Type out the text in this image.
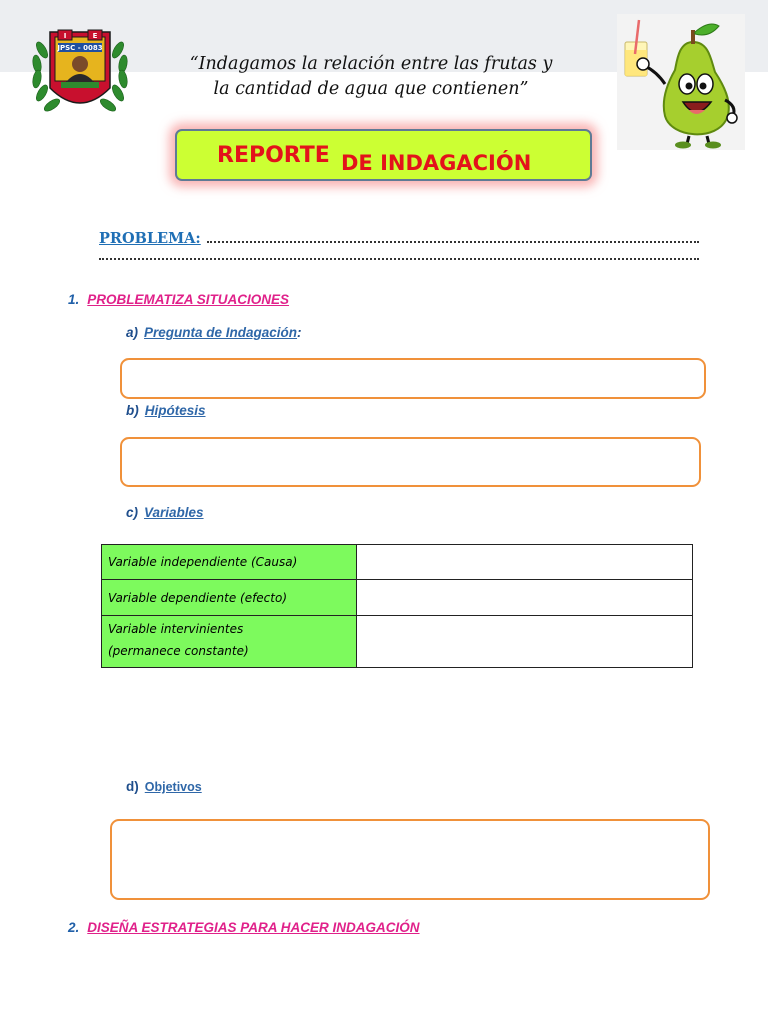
I	E
JPSC - 0083
“Indagamos la relación entre las frutas y
la cantidad de agua que contienen”
REPORTE DE INDAGACIÓN
PROBLEMA:
1. PROBLEMATIZA SITUACIONES
a) Pregunta de Indagación:
b) Hipótesis
c) Variables
Variable independiente (Causa)	
Variable dependiente (efecto)	
Variable intervinientes
(permanece constante)	
d) Objetivos
2. DISEÑA ESTRATEGIAS PARA HACER INDAGACIÓN
